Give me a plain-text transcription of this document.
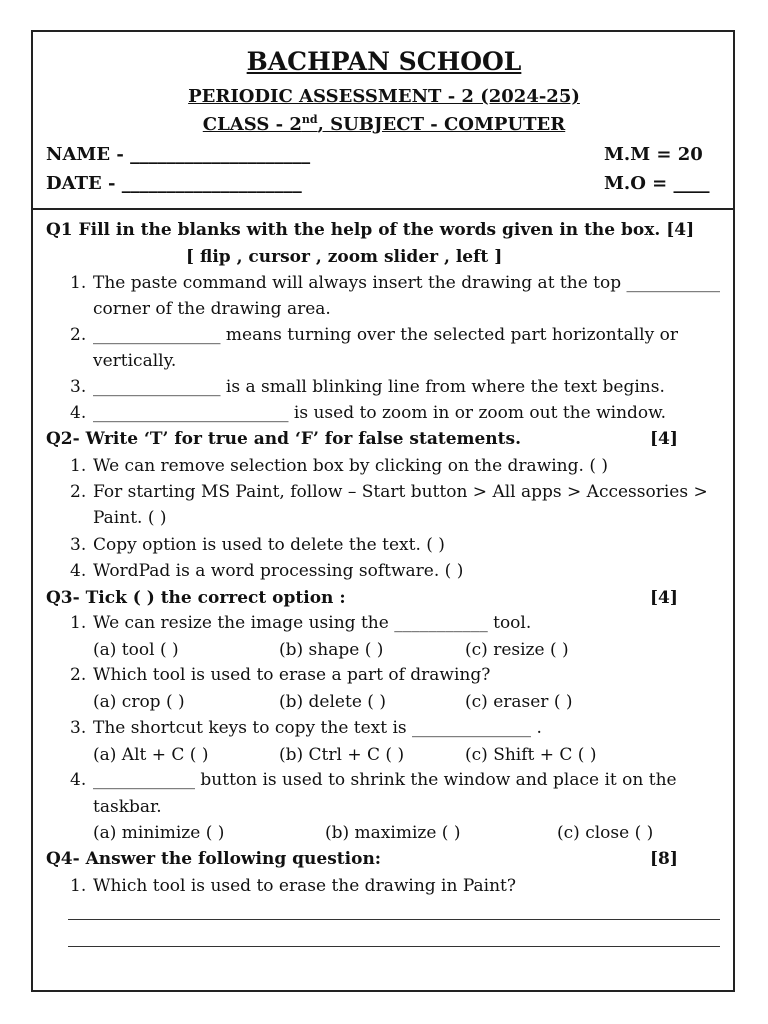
BACHPAN SCHOOL
PERIODIC ASSESSMENT - 2 (2024-25)
CLASS - 2nd, SUBJECT - COMPUTER
NAME - ____________________	M.M = 20
DATE - ____________________	M.O = ____
Q1 Fill in the blanks with the help of the words given in the box. [4]
[ flip , cursor , zoom slider , left ]
1. The paste command will always insert the drawing at the top ___________
corner of the drawing area.
2. _______________ means turning over the selected part horizontally or
vertically.
3. _______________ is a small blinking line from where the text begins.
4. _______________________ is used to zoom in or zoom out the window.
Q2- Write ‘T’ for true and ‘F’ for false statements.	[4]
1. We can remove selection box by clicking on the drawing. ( )
2. For starting MS Paint, follow – Start button > All apps > Accessories >
Paint. ( )
3. Copy option is used to delete the text. ( )
4. WordPad is a word processing software. ( )
Q3- Tick ( ) the correct option :	[4]
1. We can resize the image using the ___________ tool.
(a) tool ( )	(b) shape ( )	(c) resize ( )
2. Which tool is used to erase a part of drawing?
(a) crop ( )	(b) delete ( )	(c) eraser ( )
3. The shortcut keys to copy the text is ______________ .
(a) Alt + C ( )	(b) Ctrl + C ( )	(c) Shift + C ( )
4. ____________ button is used to shrink the window and place it on the
taskbar.
(a) minimize ( )	(b) maximize ( )	(c) close ( )
Q4- Answer the following question:	[8]
1. Which tool is used to erase the drawing in Paint?
